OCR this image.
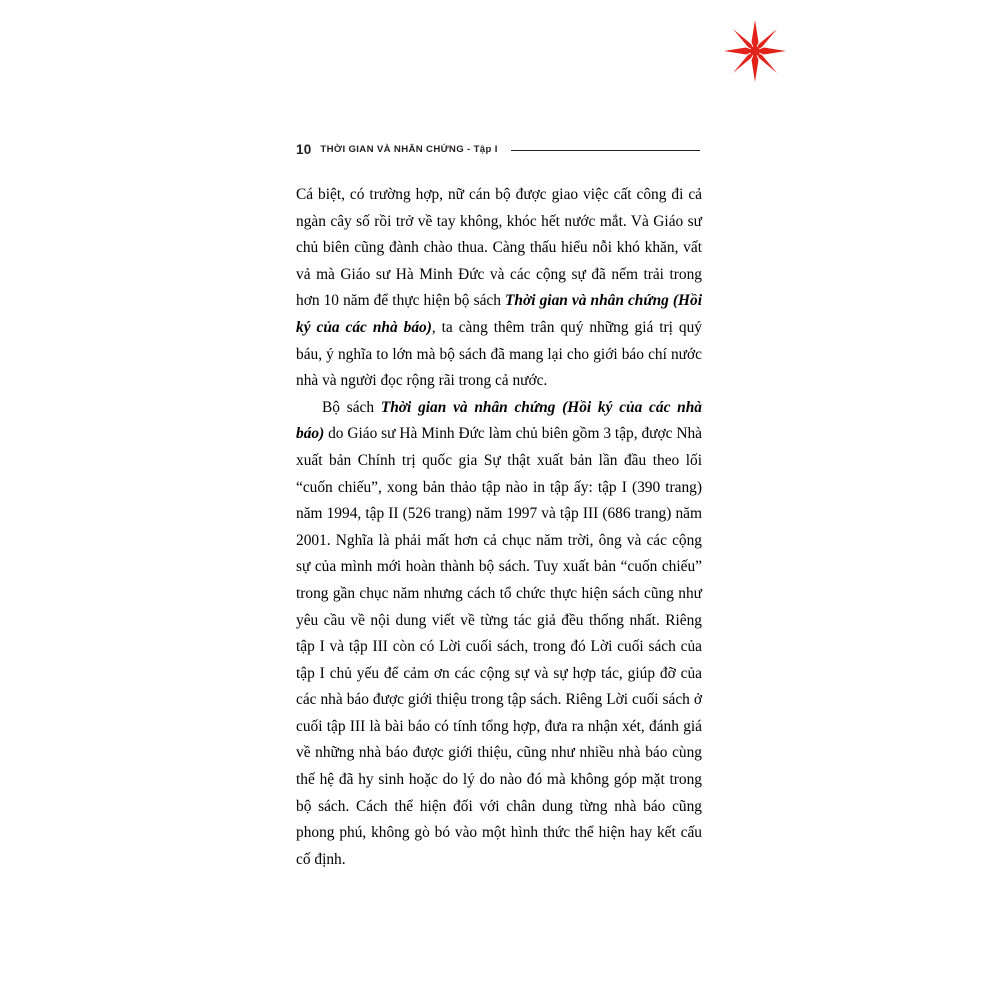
10 THỜI GIAN VÀ NHÂN CHỨNG - Tập I

Cá biệt, có trường hợp, nữ cán bộ được giao việc cất công đi cả ngàn cây số rồi trở về tay không, khóc hết nước mắt. Và Giáo sư chủ biên cũng đành chào thua. Càng thấu hiểu nỗi khó khăn, vất vả mà Giáo sư Hà Minh Đức và các cộng sự đã nếm trải trong hơn 10 năm để thực hiện bộ sách Thời gian và nhân chứng (Hồi ký của các nhà báo), ta càng thêm trân quý những giá trị quý báu, ý nghĩa to lớn mà bộ sách đã mang lại cho giới báo chí nước nhà và người đọc rộng rãi trong cả nước.

Bộ sách Thời gian và nhân chứng (Hồi ký của các nhà báo) do Giáo sư Hà Minh Đức làm chủ biên gồm 3 tập, được Nhà xuất bản Chính trị quốc gia Sự thật xuất bản lần đầu theo lối “cuốn chiếu”, xong bản thảo tập nào in tập ấy: tập I (390 trang) năm 1994, tập II (526 trang) năm 1997 và tập III (686 trang) năm 2001. Nghĩa là phải mất hơn cả chục năm trời, ông và các cộng sự của mình mới hoàn thành bộ sách. Tuy xuất bản “cuốn chiếu” trong gần chục năm nhưng cách tổ chức thực hiện sách cũng như yêu cầu về nội dung viết về từng tác giả đều thống nhất. Riêng tập I và tập III còn có Lời cuối sách, trong đó Lời cuối sách của tập I chủ yếu để cảm ơn các cộng sự và sự hợp tác, giúp đỡ của các nhà báo được giới thiệu trong tập sách. Riêng Lời cuối sách ở cuối tập III là bài báo có tính tổng hợp, đưa ra nhận xét, đánh giá về những nhà báo được giới thiệu, cũng như nhiều nhà báo cùng thế hệ đã hy sinh hoặc do lý do nào đó mà không góp mặt trong bộ sách. Cách thể hiện đối với chân dung từng nhà báo cũng phong phú, không gò bó vào một hình thức thể hiện hay kết cấu cố định.
